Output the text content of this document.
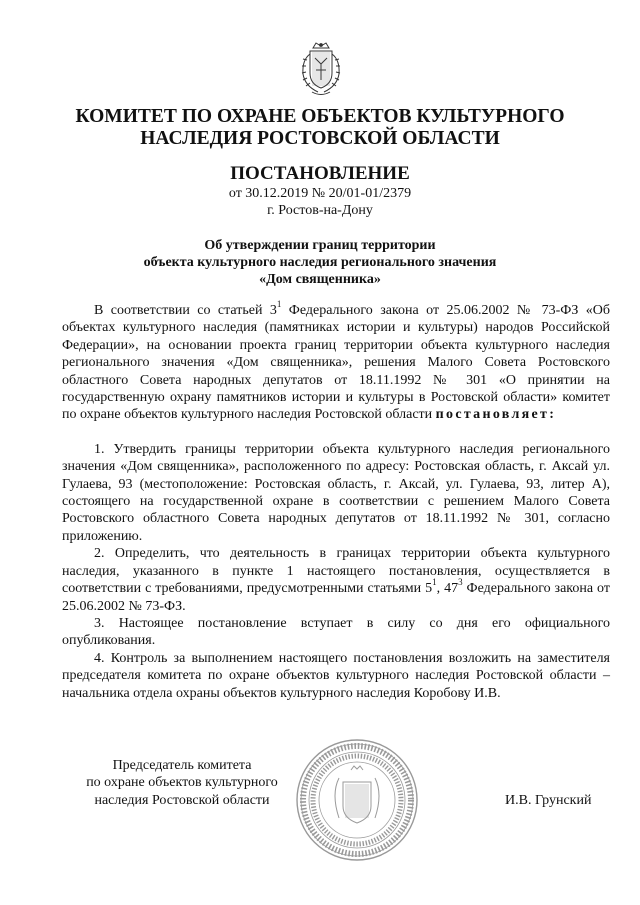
КОМИТЕТ ПО ОХРАНЕ ОБЪЕКТОВ КУЛЬТУРНОГО
НАСЛЕДИЯ РОСТОВСКОЙ ОБЛАСТИ
ПОСТАНОВЛЕНИЕ
от 30.12.2019 № 20/01-01/2379
г. Ростов-на-Дону
Об утверждении границ территории
объекта культурного наследия регионального значения
«Дом священника»

В соответствии со статьей $3^1$ Федерального закона от 25.06.2002 № 73-ФЗ «Об объектах культурного наследия (памятниках истории и культуры) народов Российской Федерации», на основании проекта границ территории объекта культурного наследия регионального значения «Дом священника», решения Малого Совета Ростовского областного Совета народных депутатов от 18.11.1992 № 301 «О принятии на государственную охрану памятников истории и культуры в Ростовской области» комитет по охране объектов культурного наследия Ростовской области постановляет:

1. Утвердить границы территории объекта культурного наследия регионального значения «Дом священника», расположенного по адресу: Ростовская область, г. Аксай ул. Гулаева, 93 (местоположение: Ростовская область, г. Аксай, ул. Гулаева, 93, литер А), состоящего на государственной охране в соответствии с решением Малого Совета Ростовского областного Совета народных депутатов от 18.11.1992 № 301, согласно приложению.

2. Определить, что деятельность в границах территории объекта культурного наследия, указанного в пункте 1 настоящего постановления, осуществляется в соответствии с требованиями, предусмотренными статьями $5^1$, $47^3$ Федерального закона от 25.06.2002 № 73-ФЗ.

3. Настоящее постановление вступает в силу со дня его официального опубликования.

4. Контроль за выполнением настоящего постановления возложить на заместителя председателя комитета по охране объектов культурного наследия Ростовской области – начальника отдела охраны объектов культурного наследия Коробову И.В.

Председатель комитета
по охране объектов культурного
наследия Ростовской области	И.В. Грунский
